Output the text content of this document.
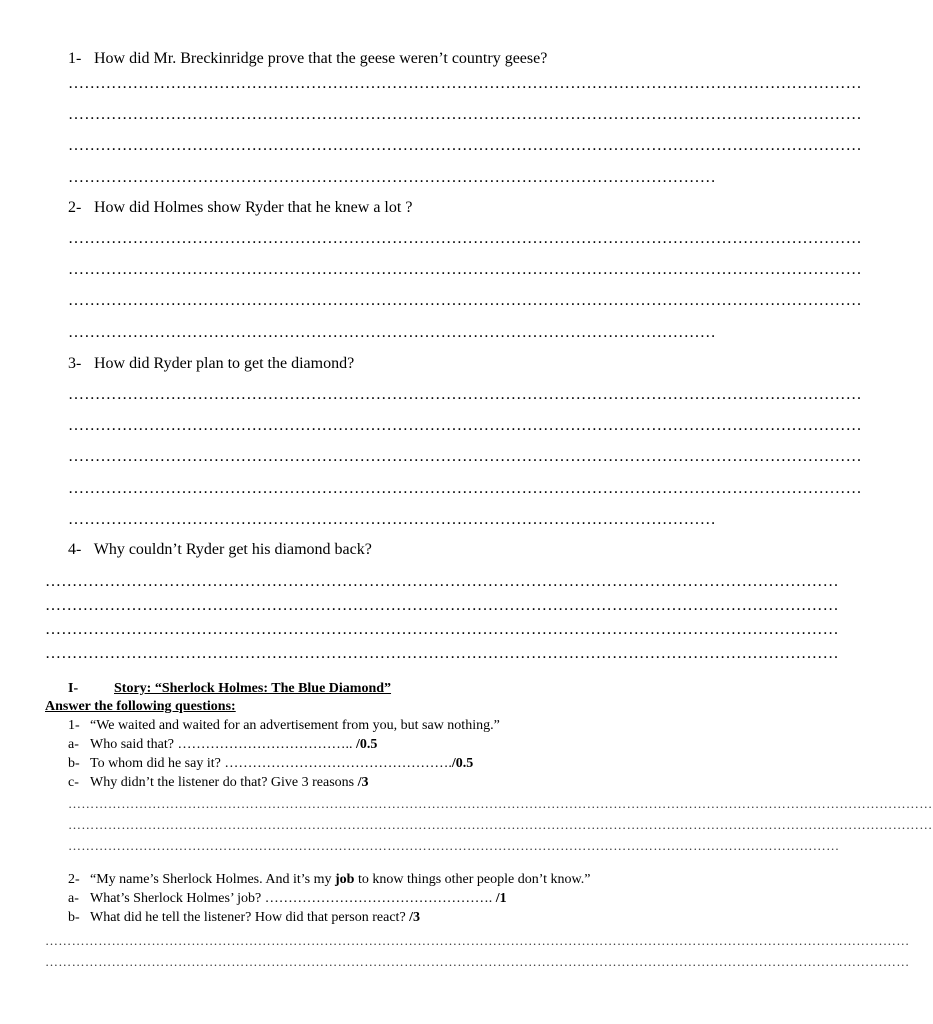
1- How did Mr. Breckinridge prove that the geese weren’t country geese?
…………………………………………………………………………………………………………………………………
…………………………………………………………………………………………………………………………………
…………………………………………………………………………………………………………………………………
…………………………………………………………………………………………………………
2- How did Holmes show Ryder that he knew a lot ?
…………………………………………………………………………………………………………………………………
…………………………………………………………………………………………………………………………………
…………………………………………………………………………………………………………………………………
…………………………………………………………………………………………………………
3- How did Ryder plan to get the diamond?
…………………………………………………………………………………………………………………………………
…………………………………………………………………………………………………………………………………
…………………………………………………………………………………………………………………………………
…………………………………………………………………………………………………………………………………
…………………………………………………………………………………………………………
4- Why couldn’t Ryder get his diamond back?
…………………………………………………………………………………………………………………………………
…………………………………………………………………………………………………………………………………
…………………………………………………………………………………………………………………………………
…………………………………………………………………………………………………………………………………
I-	Story: “Sherlock Holmes: The Blue Diamond”
Answer the following questions:
1- “We waited and waited for an advertisement from you, but saw nothing.”
a- Who said that? ……………………………….. /0.5
b- To whom did he say it? …………………………………………./0.5
c- Why didn’t the listener do that? Give 3 reasons /3
……………………………………………………………………………………………………………………………………………………………………………
……………………………………………………………………………………………………………………………………………………………………………
…………………………………………………………………………………………………………………………………………………………
2- “My name’s Sherlock Holmes. And it’s my job to know things other people don’t know.”
a- What’s Sherlock Holmes’ job? …………………………………………. /1
b- What did he tell the listener? How did that person react? /3
……………………………………………………………………………………………………………………………………………………………………………
……………………………………………………………………………………………………………………………………………………………………………
